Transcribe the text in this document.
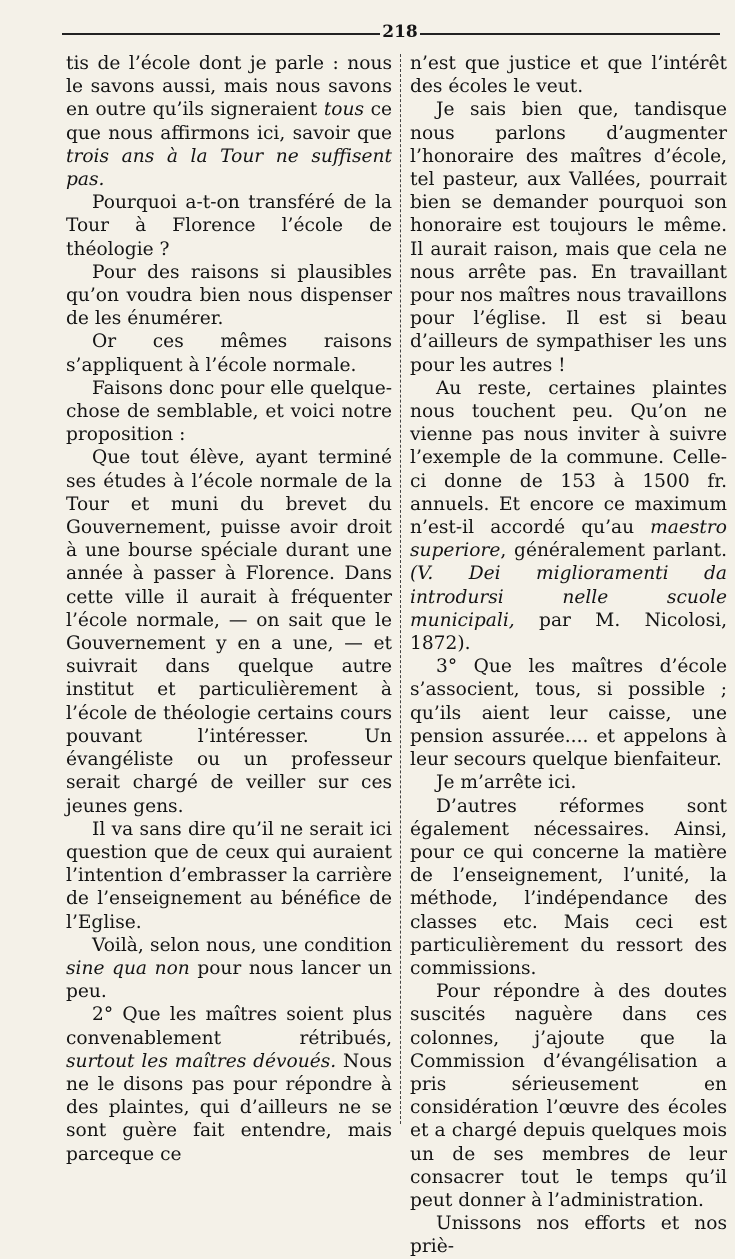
218

tis de l’école dont je parle : nous le savons aussi, mais nous savons en outre qu’ils signeraient tous ce que nous affirmons ici, savoir que trois ans à la Tour ne suffisent pas.

Pourquoi a-t-on transféré de la Tour à Florence l’école de théologie ?

Pour des raisons si plausibles qu’on voudra bien nous dispenser de les énumérer.

Or ces mêmes raisons s’appliquent à l’école normale.

Faisons donc pour elle quelque-chose de semblable, et voici notre proposition :

Que tout élève, ayant terminé ses études à l’école normale de la Tour et muni du brevet du Gouvernement, puisse avoir droit à une bourse spéciale durant une année à passer à Florence. Dans cette ville il aurait à fréquenter l’école normale, — on sait que le Gouvernement y en a une, — et suivrait dans quelque autre institut et particulièrement à l’école de théologie certains cours pouvant l’intéresser. Un évangéliste ou un professeur serait chargé de veiller sur ces jeunes gens.

Il va sans dire qu’il ne serait ici question que de ceux qui auraient l’intention d’embrasser la carrière de l’enseignement au bénéfice de l’Eglise.

Voilà, selon nous, une condition sine qua non pour nous lancer un peu.

2° Que les maîtres soient plus convenablement rétribués, surtout les maîtres dévoués. Nous ne le disons pas pour répondre à des plaintes, qui d’ailleurs ne se sont guère fait entendre, mais parceque ce

n’est que justice et que l’intérêt des écoles le veut.

Je sais bien que, tandisque nous parlons d’augmenter l’honoraire des maîtres d’école, tel pasteur, aux Vallées, pourrait bien se demander pourquoi son honoraire est toujours le même. Il aurait raison, mais que cela ne nous arrête pas. En travaillant pour nos maîtres nous travaillons pour l’église. Il est si beau d’ailleurs de sympathiser les uns pour les autres !

Au reste, certaines plaintes nous touchent peu. Qu’on ne vienne pas nous inviter à suivre l’exemple de la commune. Celle-ci donne de 153 à 1500 fr. annuels. Et encore ce maximum n’est-il accordé qu’au maestro superiore, généralement parlant. (V. Dei miglioramenti da introdursi nelle scuole municipali, par M. Nicolosi, 1872).

3° Que les maîtres d’école s’associent, tous, si possible ; qu’ils aient leur caisse, une pension assurée.... et appelons à leur secours quelque bienfaiteur.

Je m’arrête ici.

D’autres réformes sont également nécessaires. Ainsi, pour ce qui concerne la matière de l’enseignement, l’unité, la méthode, l’indépendance des classes etc. Mais ceci est particulièrement du ressort des commissions.

Pour répondre à des doutes suscités naguère dans ces colonnes, j’ajoute que la Commission d’évangélisation a pris sérieusement en considération l’œuvre des écoles et a chargé depuis quelques mois un de ses membres de leur consacrer tout le temps qu’il peut donner à l’administration.

Unissons nos efforts et nos priè-
